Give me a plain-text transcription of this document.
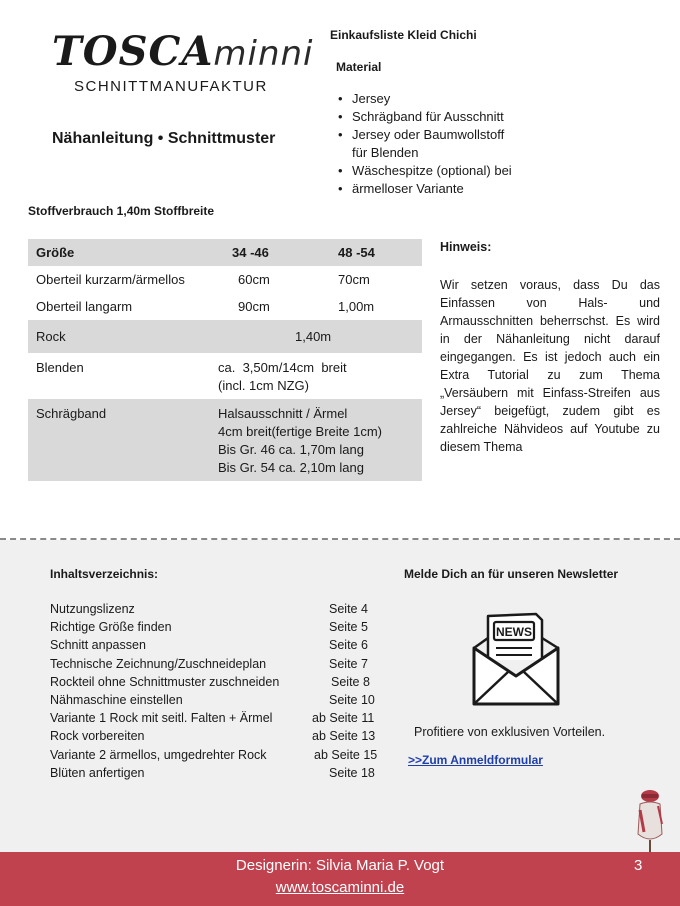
TOSCAminni
SCHNITTMANUFAKTUR
Nähanleitung • Schnittmuster
Einkaufsliste Kleid Chichi
Material
• Jersey
• Schrägband für Ausschnitt
• Jersey oder Baumwollstoff
für Blenden
• Wäschespitze (optional) bei
• ärmelloser Variante
Stoffverbrauch 1,40m Stoffbreite
Größe	34 -46	48 -54
Oberteil kurzarm/ärmellos	60cm	70cm
Oberteil langarm	90cm	1,00m
Rock	1,40m	
Blenden	ca.  3,50m/14cm  breit
(incl. 1cm NZG)	

Schrägband	Halsausschnitt / Ärmel
4cm breit(fertige Breite 1cm)
Bis Gr. 46 ca. 1,70m lang
Bis Gr. 54 ca. 2,10m lang	
Hinweis:

Wir setzen voraus, dass Du das Einfassen von Hals- und Armausschnitten beherrschst. Es wird in der Nähanleitung nicht darauf eingegangen. Es ist jedoch auch ein Extra Tutorial zu zum Thema „Versäubern mit Einfass-Streifen aus Jersey“ beigefügt, zudem gibt es zahlreiche Nähvideos auf Youtube zu diesem Thema

Inhaltsverzeichnis:
Nutzungslizenz	Seite 4
Richtige Größe finden	Seite 5
Schnitt anpassen	Seite 6
Technische Zeichnung/Zuschneideplan	Seite 7
Rockteil ohne Schnittmuster zuschneiden	Seite 8
Nähmaschine einstellen	Seite 10
Variante 1 Rock mit seitl. Falten + Ärmel	ab Seite 11
Rock vorbereiten	ab Seite 13
Variante 2 ärmellos, umgedrehter Rock	ab Seite 15
Blüten anfertigen	Seite 18
Melde Dich an für unseren Newsletter
NEWS
Profitiere von exklusiven Vorteilen.
>>Zum Anmeldformular
Designerin: Silvia Maria P. Vogt
www.toscaminni.de
3
